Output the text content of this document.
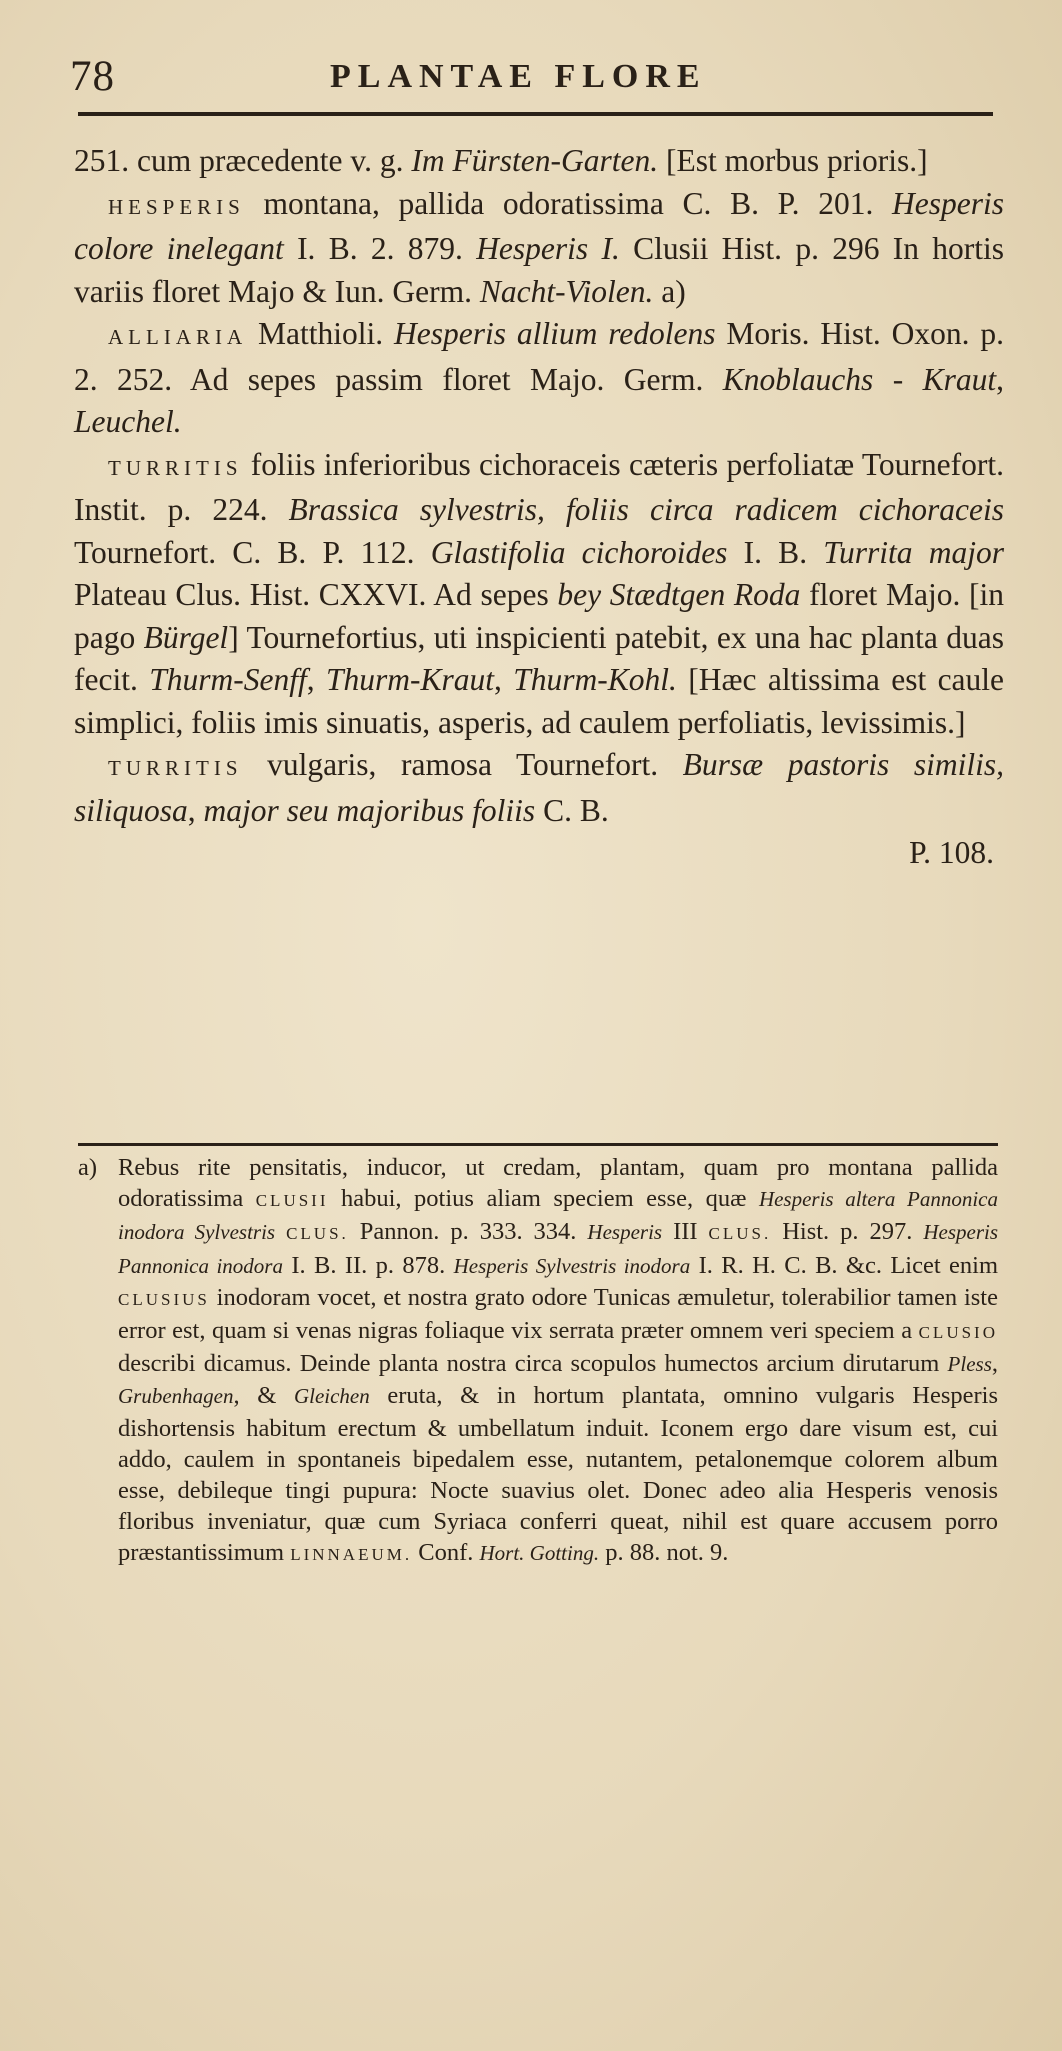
78	PLANTAE FLORE

251. cum præcedente v. g. Im Fürsten-Garten. [Est morbus prioris.]

HESPERIS montana, pallida odoratissima C. B. P. 201. Hesperis colore inelegant I. B. 2. 879. Hesperis I. Clusii Hist. p. 296 In hortis variis floret Majo & Iun. Germ. Nacht-Violen. a)

ALLIARIA Matthioli. Hesperis allium redolens Moris. Hist. Oxon. p. 2. 252. Ad sepes passim floret Majo. Germ. Knoblauchs - Kraut, Leuchel.

TURRITIS foliis inferioribus cichoraceis cæteris perfoliatæ Tournefort. Instit. p. 224. Brassica sylvestris, foliis circa radicem cichoraceis Tournefort. C. B. P. 112. Glastifolia cichoroides I. B. Turrita major Plateau Clus. Hist. CXXVI. Ad sepes bey Stædtgen Roda floret Majo. [in pago Bürgel] Tournefortius, uti inspicienti patebit, ex una hac planta duas fecit. Thurm-Senff, Thurm-Kraut, Thurm-Kohl. [Hæc altissima est caule simplici, foliis imis sinuatis, asperis, ad caulem perfoliatis, levissimis.]

TURRITIS vulgaris, ramosa Tournefort. Bursæ pastoris similis, siliquosa, major seu majoribus foliis C. B.

P. 108.

a) Rebus rite pensitatis, inducor, ut credam, plantam, quam pro montana pallida odoratissima CLUSII habui, potius aliam speciem esse, quæ Hesperis altera Pannonica inodora Sylvestris CLUS. Pannon. p. 333. 334. Hesperis III CLUS. Hist. p. 297. Hesperis Pannonica inodora I. B. II. p. 878. Hesperis Sylvestris inodora I. R. H. C. B. &c. Licet enim CLUSIUS inodoram vocet, et nostra grato odore Tunicas æmuletur, tolerabilior tamen iste error est, quam si venas nigras foliaque vix serrata præter omnem veri speciem a CLUSIO describi dicamus. Deinde planta nostra circa scopulos humectos arcium dirutarum Pless, Grubenhagen, & Gleichen eruta, & in hortum plantata, omnino vulgaris Hesperis dishortensis habitum erectum & umbellatum induit. Iconem ergo dare visum est, cui addo, caulem in spontaneis bipedalem esse, nutantem, petalonemque colorem album esse, debileque tingi pupura: Nocte suavius olet. Donec adeo alia Hesperis venosis floribus inveniatur, quæ cum Syriaca conferri queat, nihil est quare accusem porro præstantissimum LINNAEUM. Conf. Hort. Gotting. p. 88. not. 9.
